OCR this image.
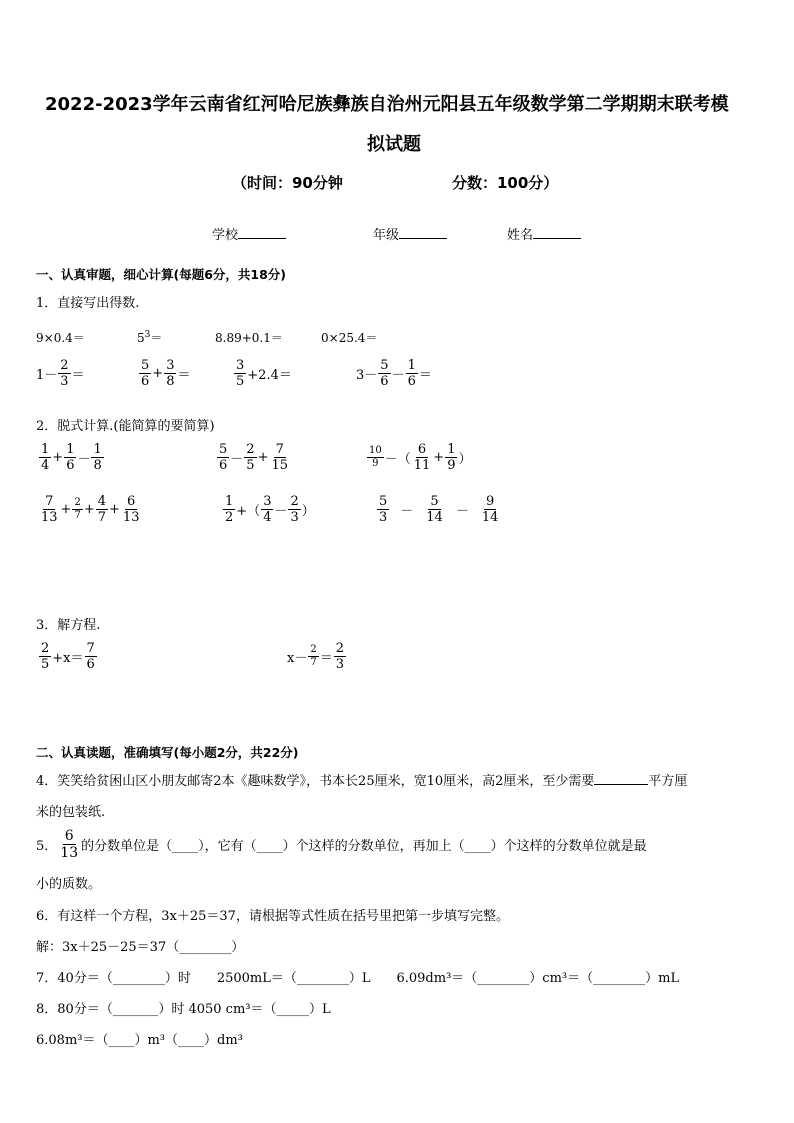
2022-2023学年云南省红河哈尼族彝族自治州元阳县五年级数学第二学期期末联考模
拟试题
（时间：90分钟	分数：100分）
学校	年级	姓名
一、认真审题，细心计算(每题6分，共18分)
1．直接写出得数.
9×0.4＝	$5^3=$	8.89+0.1＝	0×25.4＝
$1- \frac{2}{3}$ ＝	$\frac{5}{6} + \frac{3}{8}$ ＝	$\frac{3}{5} +2.4=$	$3- \frac{5}{6} - \frac{1}{6}$ ＝
2．脱式计算.(能简算的要简算)
$\frac{1}{4} + \frac{1}{6} - \frac{1}{8}$	$\frac{5}{6} - \frac{2}{5} + \frac{7}{15}$	$\frac{10}{9}$ －（ $\frac{6}{11} + \frac{1}{9}$ ）
$\frac{7}{13} + \frac{2}{7} + \frac{4}{7} + \frac{6}{13}$	$\frac{1}{2}$ +（ $\frac{3}{4} - \frac{2}{3}$ ）	$\frac{5}{3} - \frac{5}{14} - \frac{9}{14}$
3．解方程.
$\frac{2}{5} +x= \frac{7}{6}$	$x- \frac{2}{7} = \frac{2}{3}$
二、认真读题，准确填写(每小题2分，共22分)
4．笑笑给贫困山区小朋友邮寄2本《趣味数学》，书本长25厘米，宽10厘米，高2厘米，至少需要	平方厘
米的包装纸.
5． $\frac{6}{13}$ 的分数单位是（____），它有（____）个这样的分数单位，再加上（____）个这样的分数单位就是最
小的质数。
6．有这样一个方程，3x＋25＝37，请根据等式性质在括号里把第一步填写完整。
解：3x＋25－25＝37（________）
7．40分＝（________）时　　2500mL＝（________）L　　6.09dm³＝（________）cm³＝（________）mL
8．80分＝（_______）时 4050 cm³＝（_____）L
6.08m³＝（____）m³（____）dm³
